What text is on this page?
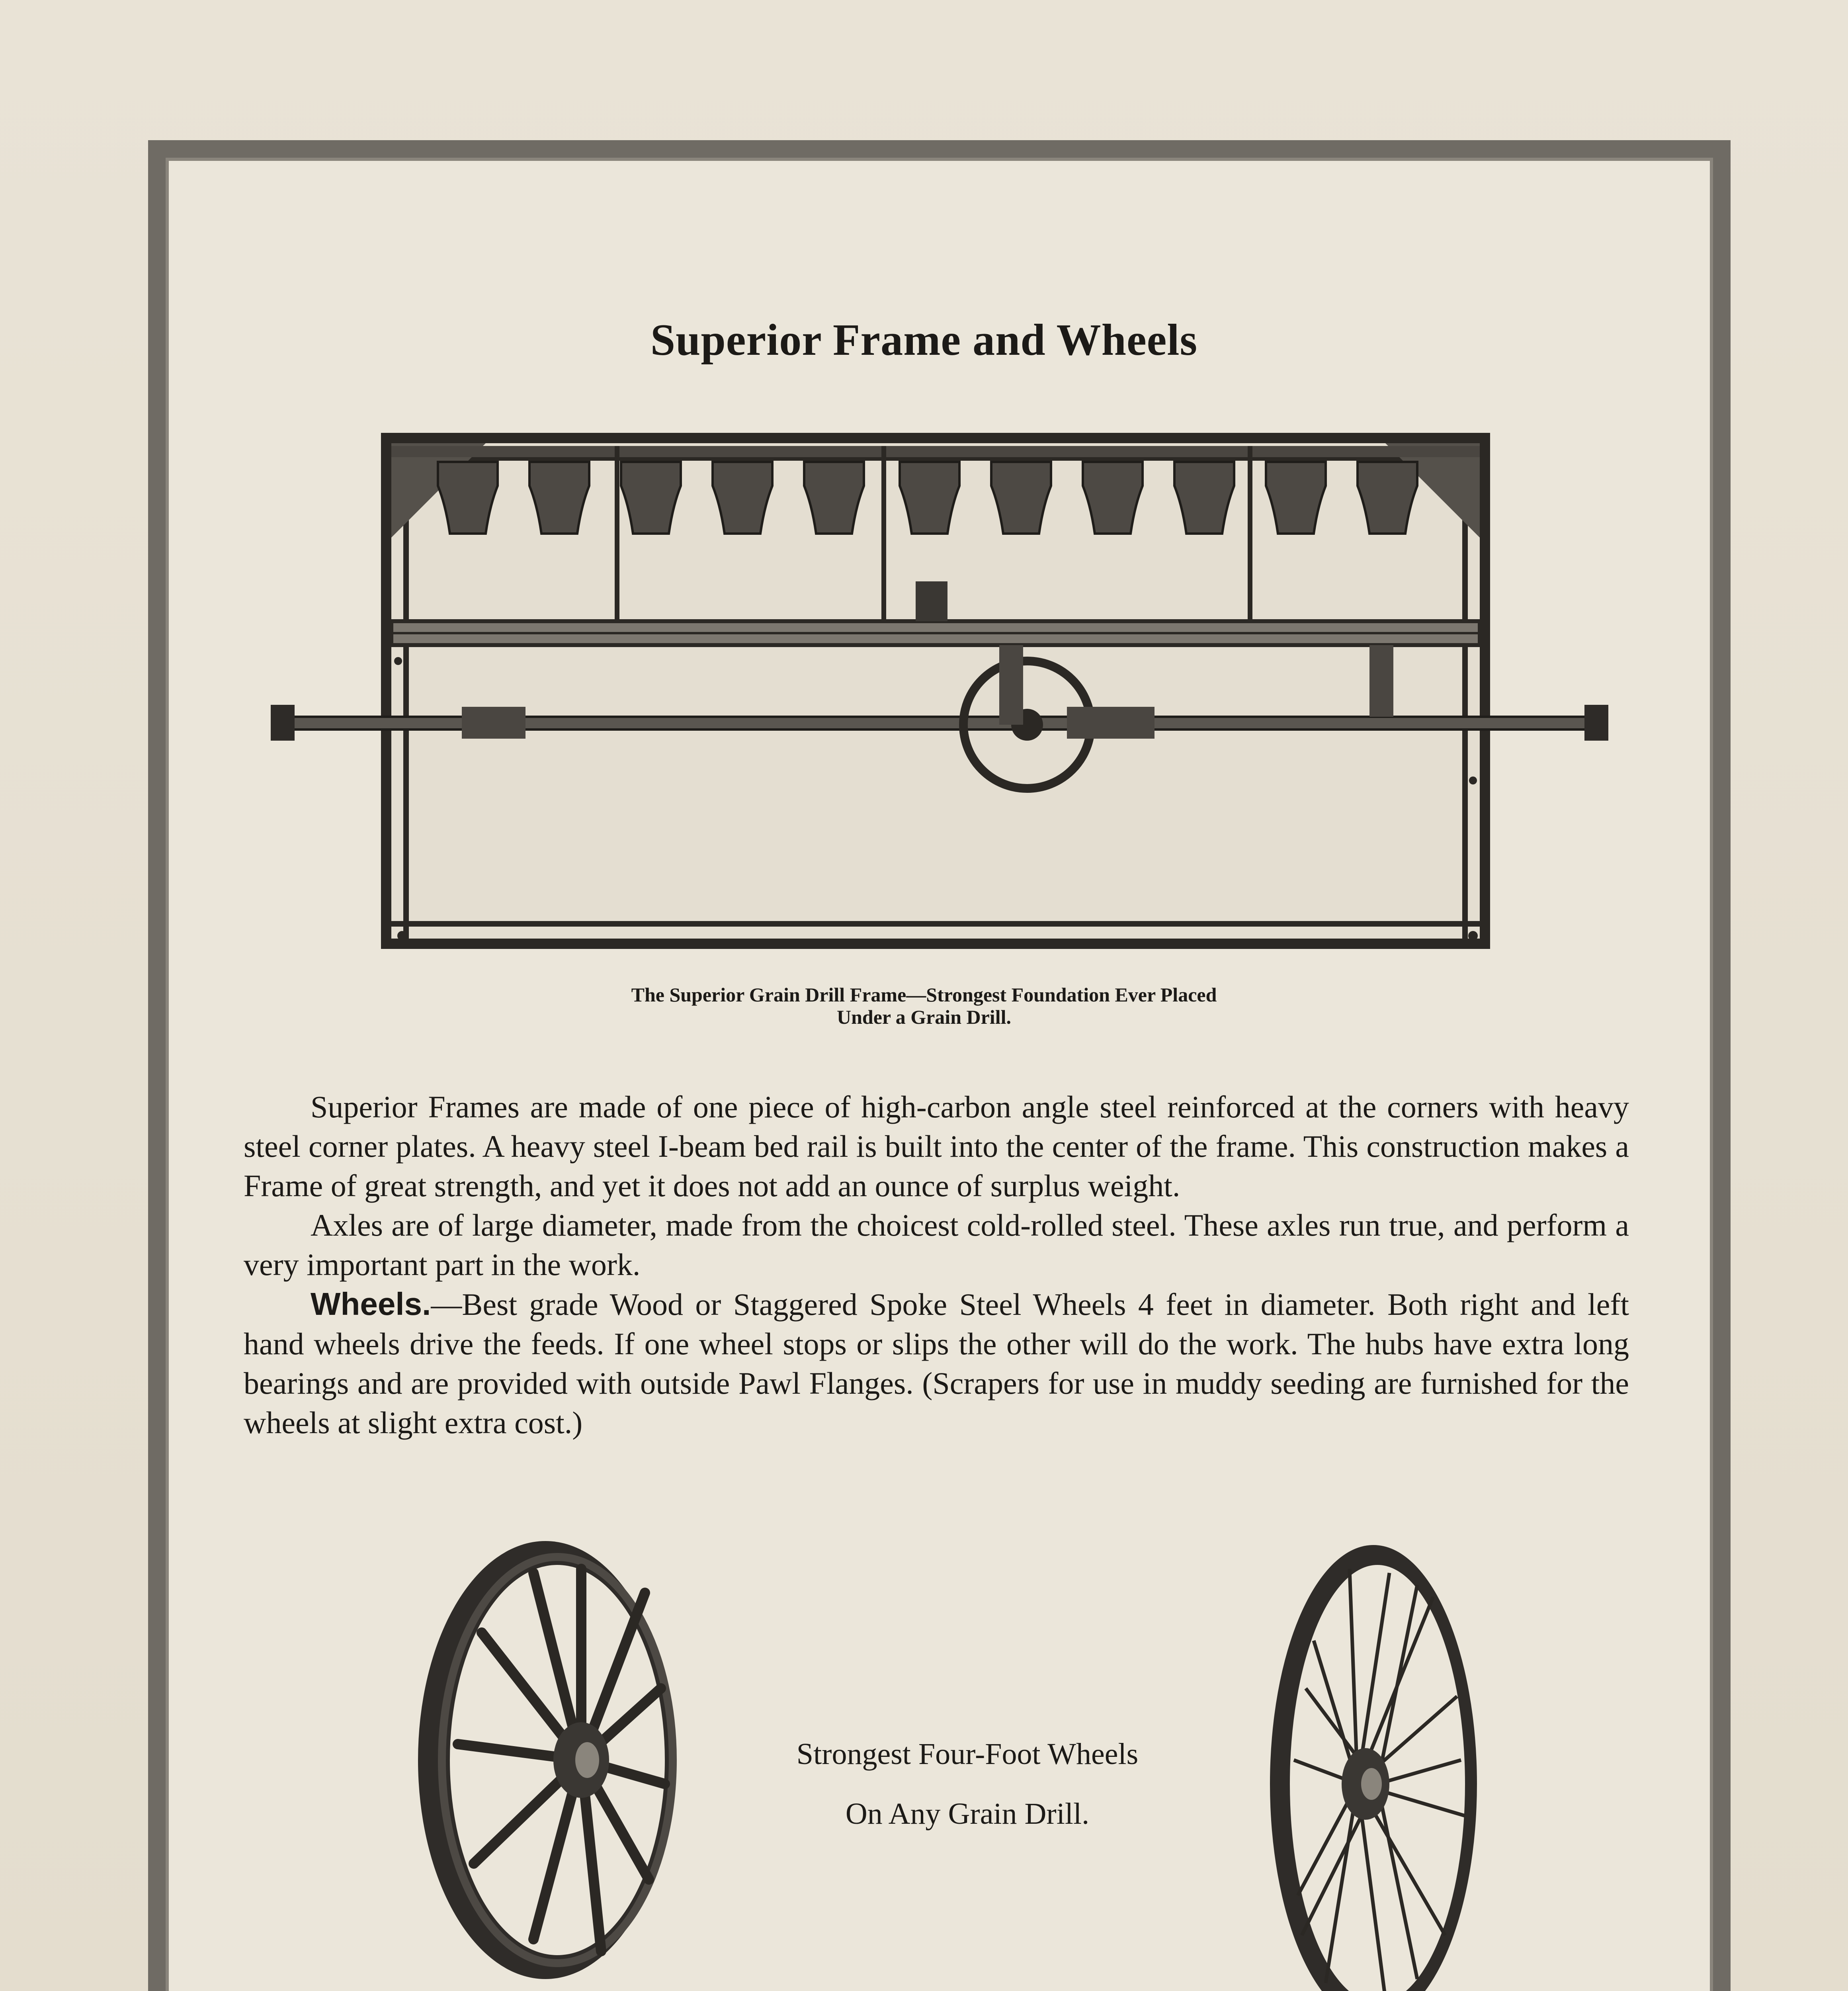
Superior Frame and Wheels
The Superior Grain Drill Frame—Strongest Foundation Ever Placed
Under a Grain Drill.

Superior Frames are made of one piece of high-carbon angle steel reinforced at the corners with heavy steel corner plates. A heavy steel I-beam bed rail is built into the center of the frame. This construction makes a Frame of great strength, and yet it does not add an ounce of surplus weight.

Axles are of large diameter, made from the choicest cold-rolled steel. These axles run true, and perform a very important part in the work.

Wheels.—Best grade Wood or Staggered Spoke Steel Wheels 4 feet in diameter. Both right and left hand wheels drive the feeds. If one wheel stops or slips the other will do the work. The hubs have extra long bearings and are provided with outside Pawl Flanges. (Scrapers for use in muddy seeding are furnished for the wheels at slight extra cost.)

Strongest Four-Foot Wheels
On Any Grain Drill.
